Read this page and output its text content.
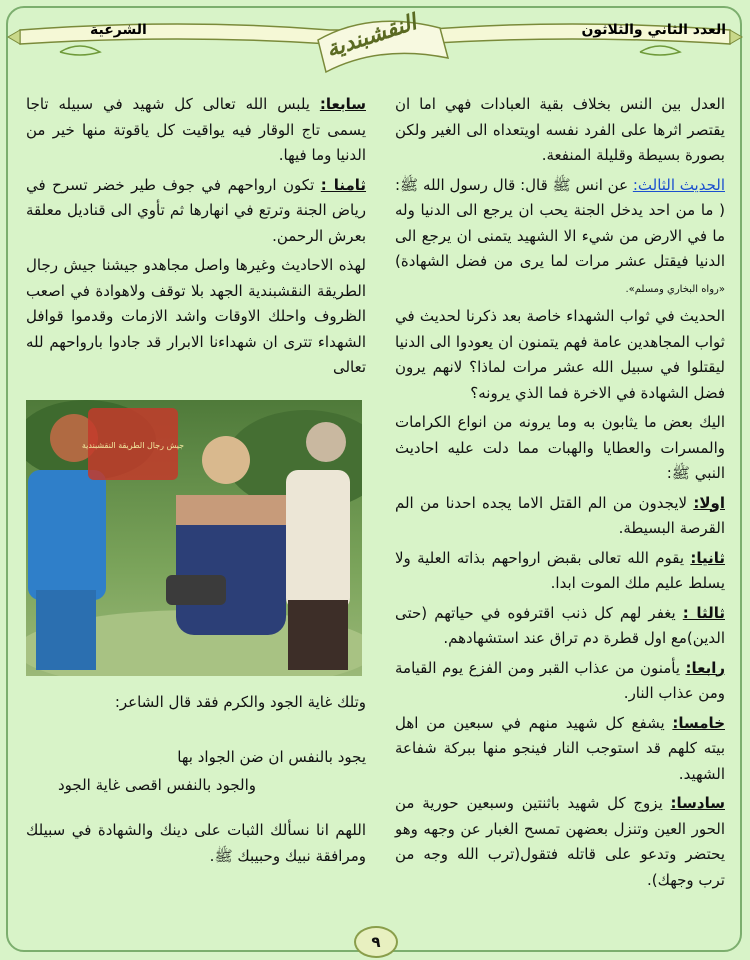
العدد الثاني والثلاثون
الشرعية	النقشبندية

العدل بين النس بخلاف بقية العبادات فهي اما ان يقتصر اثرها على الفرد نفسه اويتعداه الى الغير ولكن بصورة بسيطة وقليلة المنفعة.

الحديث الثالث: عن انس ﷺ قال: قال رسول الله ﷺ: ( ما من احد يدخل الجنة يحب ان يرجع الى الدنيا وله ما في الارض من شيء الا الشهيد يتمنى ان يرجع الى الدنيا فيقتل عشر مرات لما يرى من فضل الشهادة) «رواه البخاري ومسلم».

الحديث في ثواب الشهداء خاصة بعد ذكرنا لحديث في ثواب المجاهدين عامة فهم يتمنون ان يعودوا الى الدنيا ليقتلوا في سبيل الله عشر مرات لماذا؟ لانهم يرون فضل الشهادة في الاخرة فما الذي يرونه؟

اليك بعض ما يثابون به وما يرونه من انواع الكرامات والمسرات والعطايا والهبات مما دلت عليه احاديث النبي ﷺ:

اولا: لايجدون من الم القتل الاما يجده احدنا من الم القرصة البسيطة.

ثانيا: يقوم الله تعالى بقبض ارواحهم بذاته العلية ولا يسلط عليم ملك الموت ابدا.

ثالثا : يغفر لهم كل ذنب اقترفوه في حياتهم (حتى الدين)مع اول قطرة دم تراق عند استشهادهم.

رابعا: يأمنون من عذاب القبر ومن الفزع يوم القيامة ومن عذاب النار.

خامسا: يشفع كل شهيد منهم في سبعين من اهل بيته كلهم قد استوجب النار فينجو منها ببركة شفاعة الشهيد.

سادسا: يزوج كل شهيد باثنتين وسبعين حورية من الحور العين وتنزل بعضهن تمسح الغبار عن وجهه وهو يحتضر وتدعو على قاتله فتقول(ترب الله وجه من ترب وجهك).

سابعا: يلبس الله تعالى كل شهيد في سبيله تاجا يسمى تاج الوقار فيه يواقيت كل ياقوتة منها خير من الدنيا وما فيها.

ثامنا : تكون ارواحهم في جوف طير خضر تسرح في رياض الجنة وترتع في انهارها ثم تأوي الى قناديل معلقة بعرش الرحمن.

لهذه الاحاديث وغيرها واصل مجاهدو جيشنا جيش رجال الطريقة النقشبندية الجهد بلا توقف ولاهوادة في اصعب الظروف واحلك الاوقات واشد الازمات وقدموا قوافل الشهداء تترى ان شهداءنا الابرار قد جادوا بارواحهم لله تعالى

جيش رجال الطريقة النقشبندية
وتلك غاية الجود والكرم فقد قال الشاعر:
يجود بالنفس ان ضن الجواد بها
والجود بالنفس اقصى غاية الجود
اللهم انا نسألك الثبات على دينك والشهادة في سبيلك ومرافقة نبيك وحبيبك ﷺ.
٩
